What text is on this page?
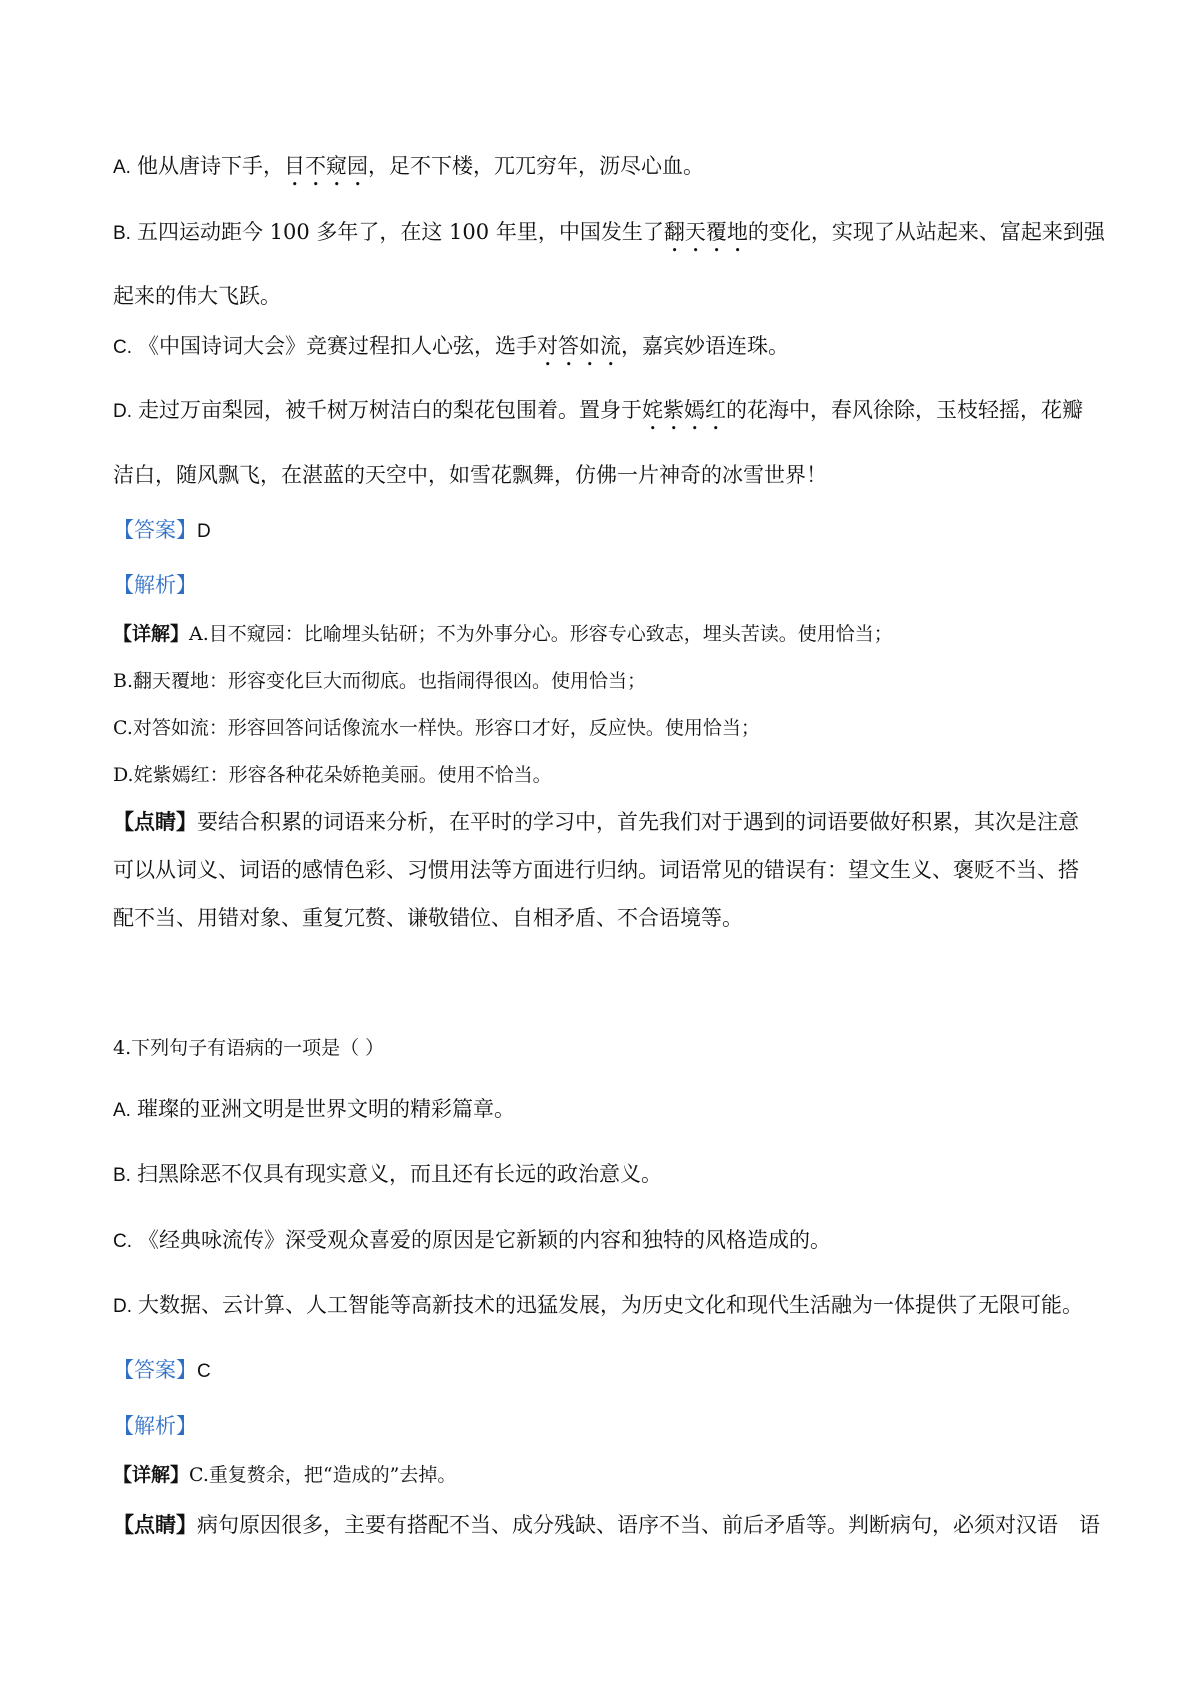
A. 他从唐诗下手，目不窥园，足不下楼，兀兀穷年，沥尽心血。
B. 五四运动距今 100 多年了，在这 100 年里，中国发生了翻天覆地的变化，实现了从站起来、富起来到强
起来的伟大飞跃。
C. 《中国诗词大会》竞赛过程扣人心弦，选手对答如流，嘉宾妙语连珠。
D. 走过万亩梨园，被千树万树洁白的梨花包围着。置身于姹紫嫣红的花海中，春风徐除，玉枝轻摇，花瓣
洁白，随风飘飞，在湛蓝的天空中，如雪花飘舞，仿佛一片神奇的冰雪世界！
【答案】D
【解析】
【详解】A.目不窥园：比喻埋头钻研；不为外事分心。形容专心致志，埋头苦读。使用恰当；
B.翻天覆地：形容变化巨大而彻底。也指闹得很凶。使用恰当；
C.对答如流：形容回答问话像流水一样快。形容口才好，反应快。使用恰当；
D.姹紫嫣红：形容各种花朵娇艳美丽。使用不恰当。
【点睛】要结合积累的词语来分析，在平时的学习中，首先我们对于遇到的词语要做好积累，其次是注意
可以从词义、词语的感情色彩、习惯用法等方面进行归纳。词语常见的错误有：望文生义、褒贬不当、搭
配不当、用错对象、重复冗赘、谦敬错位、自相矛盾、不合语境等。
4.下列句子有语病的一项是（ ）
A. 璀璨的亚洲文明是世界文明的精彩篇章。
B. 扫黑除恶不仅具有现实意义，而且还有长远的政治意义。
C. 《经典咏流传》深受观众喜爱的原因是它新颖的内容和独特的风格造成的。
D. 大数据、云计算、人工智能等高新技术的迅猛发展，为历史文化和现代生活融为一体提供了无限可能。
【答案】C
【解析】
【详解】C.重复赘余，把“造成的”去掉。
【点睛】病句原因很多，主要有搭配不当、成分残缺、语序不当、前后矛盾等。判断病句，必须对汉语　语
